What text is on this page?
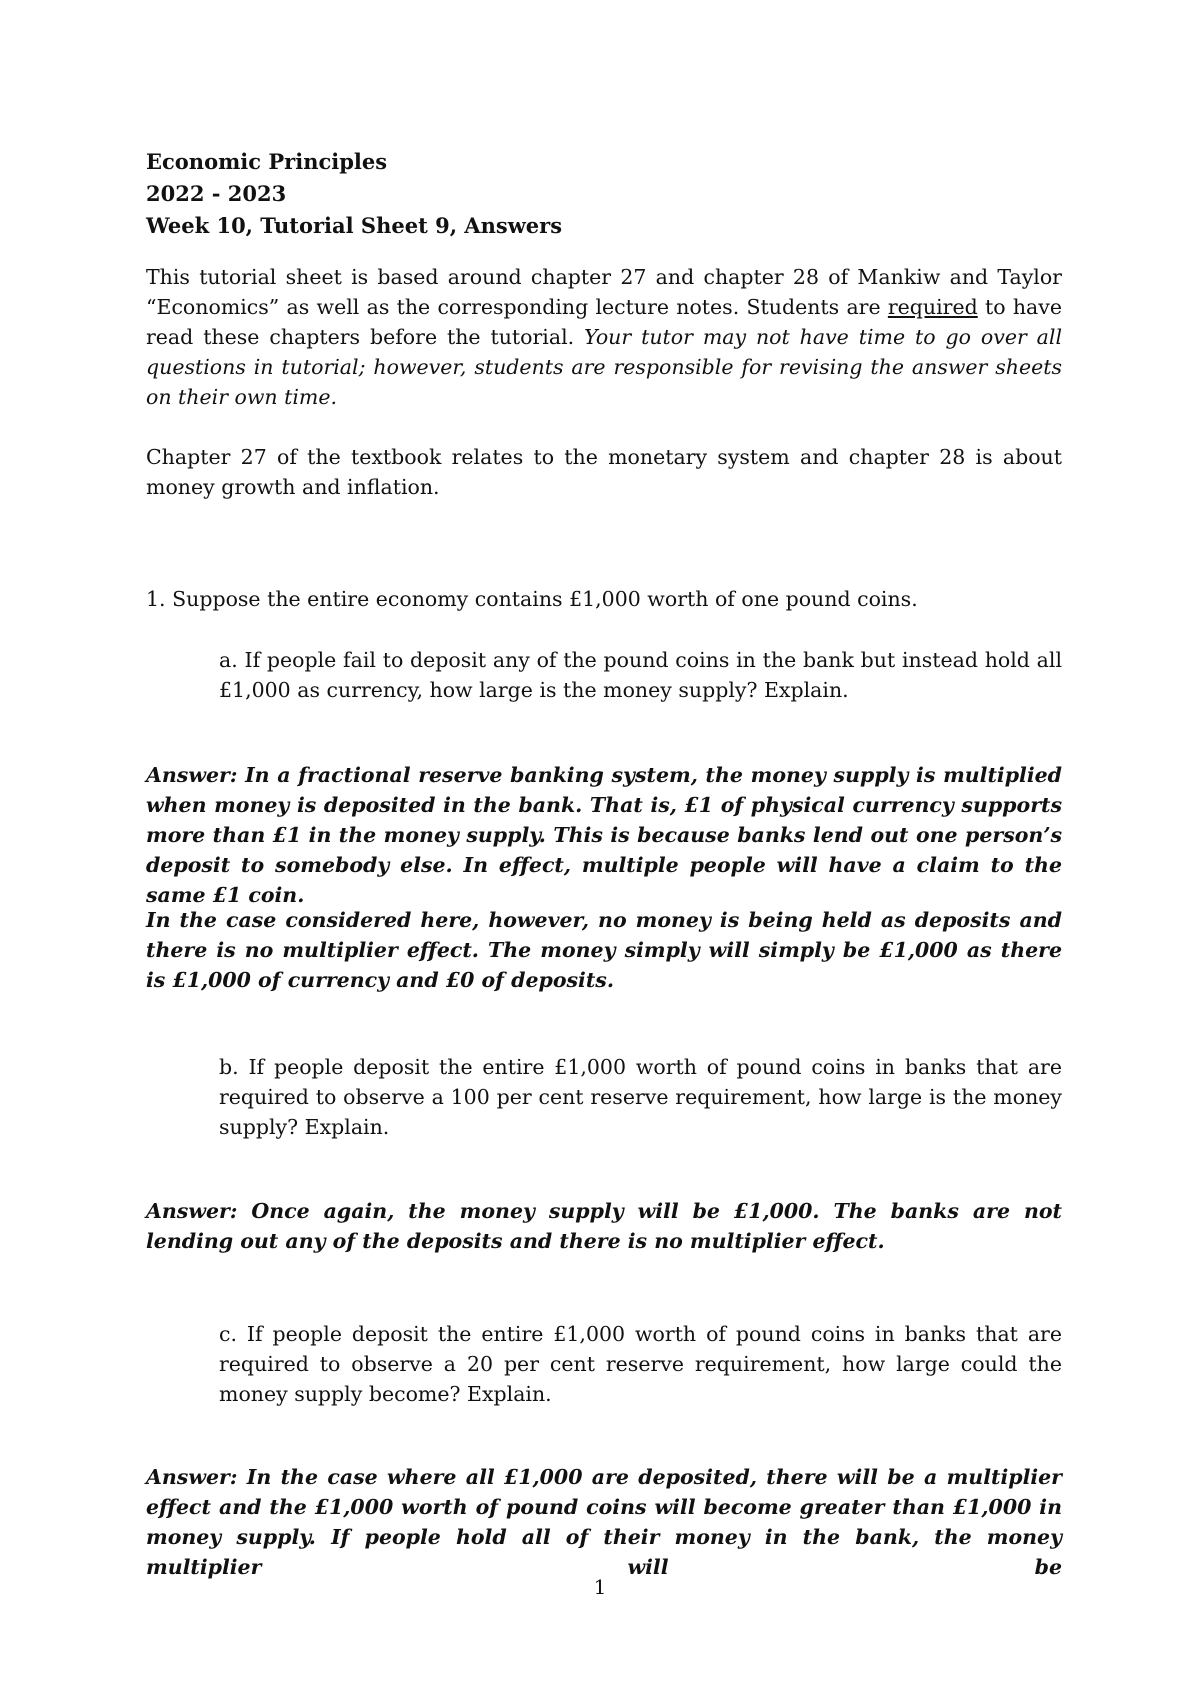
Economic Principles
2022 - 2023
Week 10, Tutorial Sheet 9, Answers
This tutorial sheet is based around chapter 27 and chapter 28 of Mankiw and Taylor “Economics” as well as the corresponding lecture notes. Students are required to have read these chapters before the tutorial. Your tutor may not have time to go over all questions in tutorial; however, students are responsible for revising the answer sheets on their own time.
Chapter 27 of the textbook relates to the monetary system and chapter 28 is about money growth and inflation.
1. Suppose the entire economy contains £1,000 worth of one pound coins.
a. If people fail to deposit any of the pound coins in the bank but instead hold all £1,000 as currency, how large is the money supply? Explain.
Answer: In a fractional reserve banking system, the money supply is multiplied when money is deposited in the bank. That is, £1 of physical currency supports more than £1 in the money supply. This is because banks lend out one person’s deposit to somebody else. In effect, multiple people will have a claim to the same £1 coin.
In the case considered here, however, no money is being held as deposits and there is no multiplier effect. The money simply will simply be £1,000 as there is £1,000 of currency and £0 of deposits.
b. If people deposit the entire £1,000 worth of pound coins in banks that are required to observe a 100 per cent reserve requirement, how large is the money supply? Explain.
Answer: Once again, the money supply will be £1,000. The banks are not lending out any of the deposits and there is no multiplier effect.
c. If people deposit the entire £1,000 worth of pound coins in banks that are required to observe a 20 per cent reserve requirement, how large could the money supply become? Explain.
Answer: In the case where all £1,000 are deposited, there will be a multiplier effect and the £1,000 worth of pound coins will become greater than £1,000 in money supply. If people hold all of their money in the bank, the money multiplier will be
1
